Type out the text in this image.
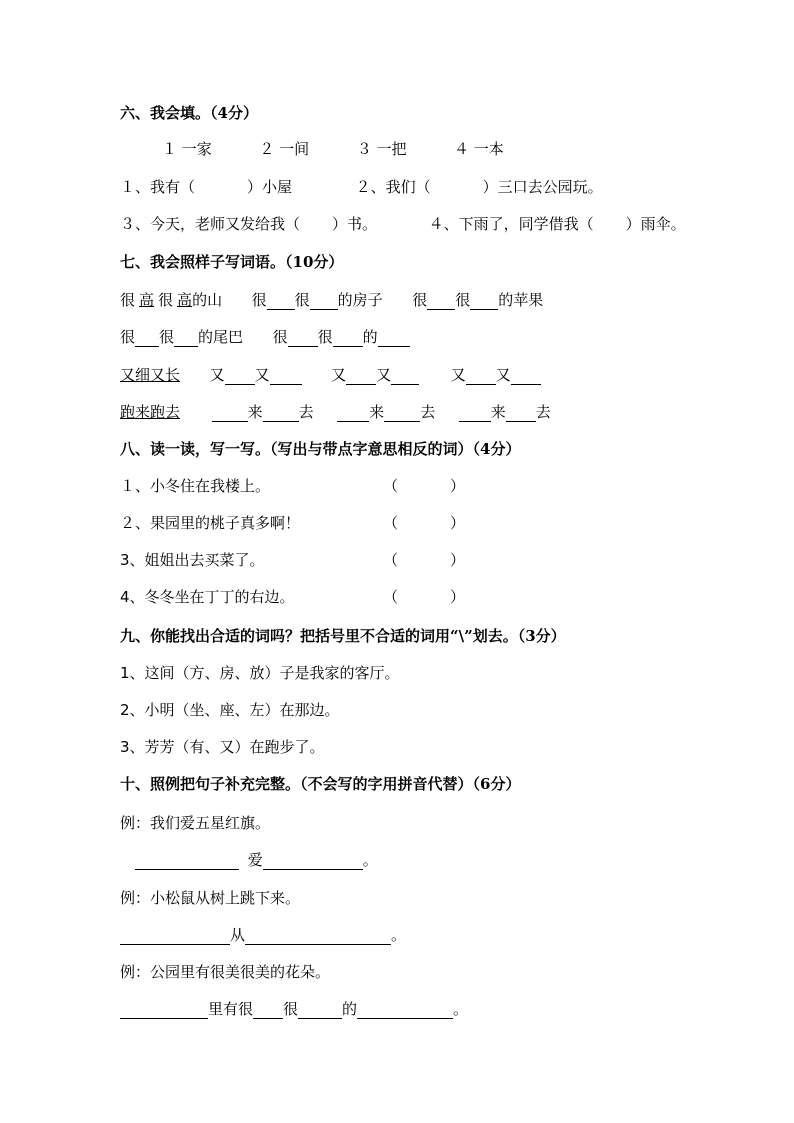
六、我会填。（4分）
１ 一家	２ 一间	３ 一把	４ 一本
１、我有（	）小屋	２、我们（	）三口去公园玩。
３、今天，老师又发给我（ ）书。	４、下雨了，同学借我（ ）雨伞。
七、我会照样子写词语。（10分）
很 高 很 高的山 很 很 的房子 很 很 的苹果
很 很 的尾巴 很 很 的
又细又长 又 又	又 又	又 又
跑来跑去	来 去	来 去	来 去
八、读一读，写一写。（写出与带点字意思相反的词）（4分）
１、小冬住在我楼上。	（	）
２、果园里的桃子真多啊！	（	）
3、姐姐出去买菜了。	（	）
4、冬冬坐在丁丁的右边。	（	）
九、你能找出合适的词吗？把括号里不合适的词用“\”划去。（3分）
1、这间（方、房、放）子是我家的客厅。
2、小明（坐、座、左）在那边。
3、芳芳（有、又）在跑步了。
十、照例把句子补充完整。（不会写的字用拼音代替）（6分）
例：我们爱五星红旗。
爱	。
例：小松鼠从树上跳下来。
从	。
例：公园里有很美很美的花朵。
里有很 很	的	。
